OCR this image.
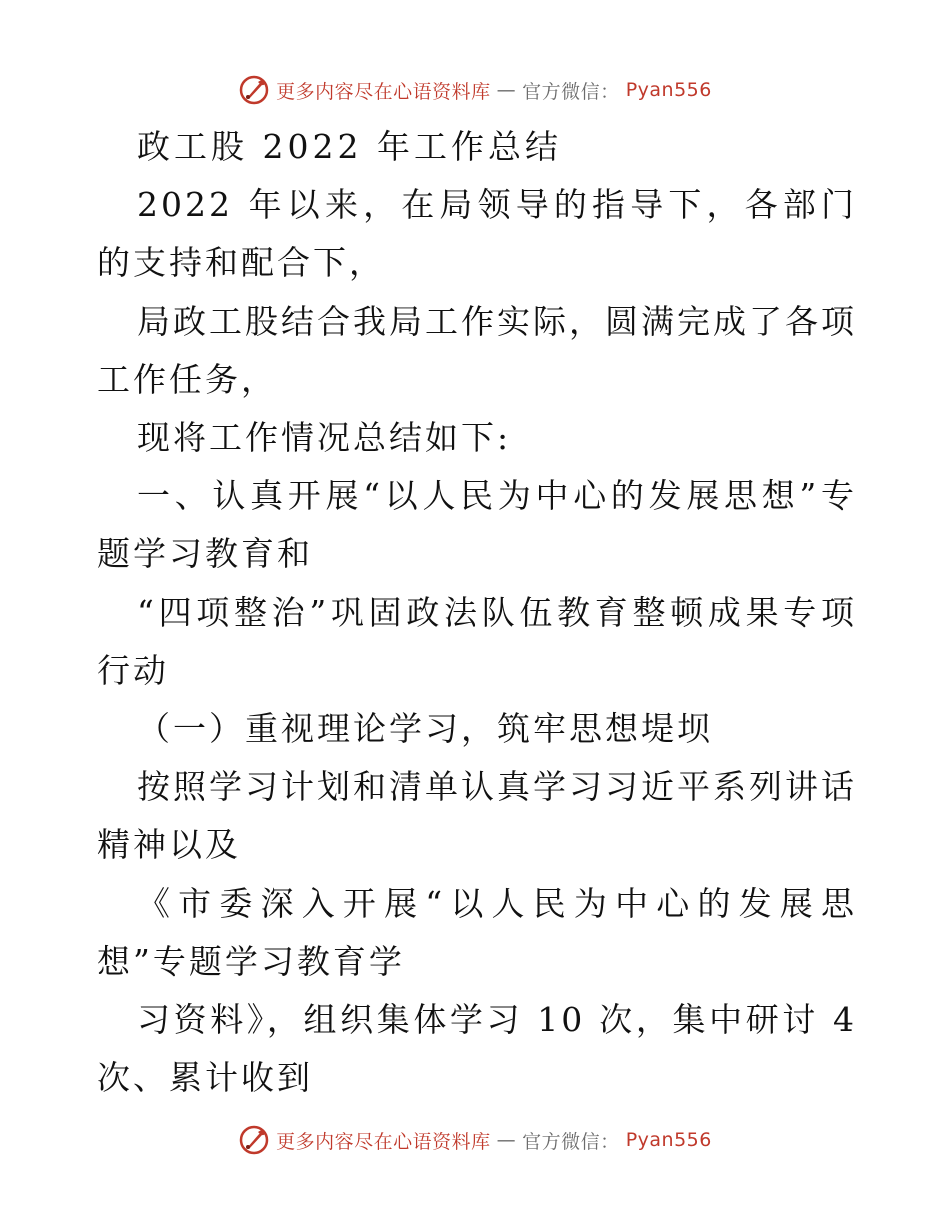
更多内容尽在心语资料库 — 官方微信： Pyan556

政工股 2022 年工作总结

2022 年以来，在局领导的指导下，各部门的支持和配合下，

局政工股结合我局工作实际，圆满完成了各项工作任务，

现将工作情况总结如下:

一、认真开展“以人民为中心的发展思想”专题学习教育和

“四项整治”巩固政法队伍教育整顿成果专项行动

（一）重视理论学习，筑牢思想堤坝

按照学习计划和清单认真学习习近平系列讲话精神以及

《市委深入开展“以人民为中心的发展思想”专题学习教育学

习资料》，组织集体学习 10 次，集中研讨 4 次、累计收到

更多内容尽在心语资料库 — 官方微信： Pyan556
